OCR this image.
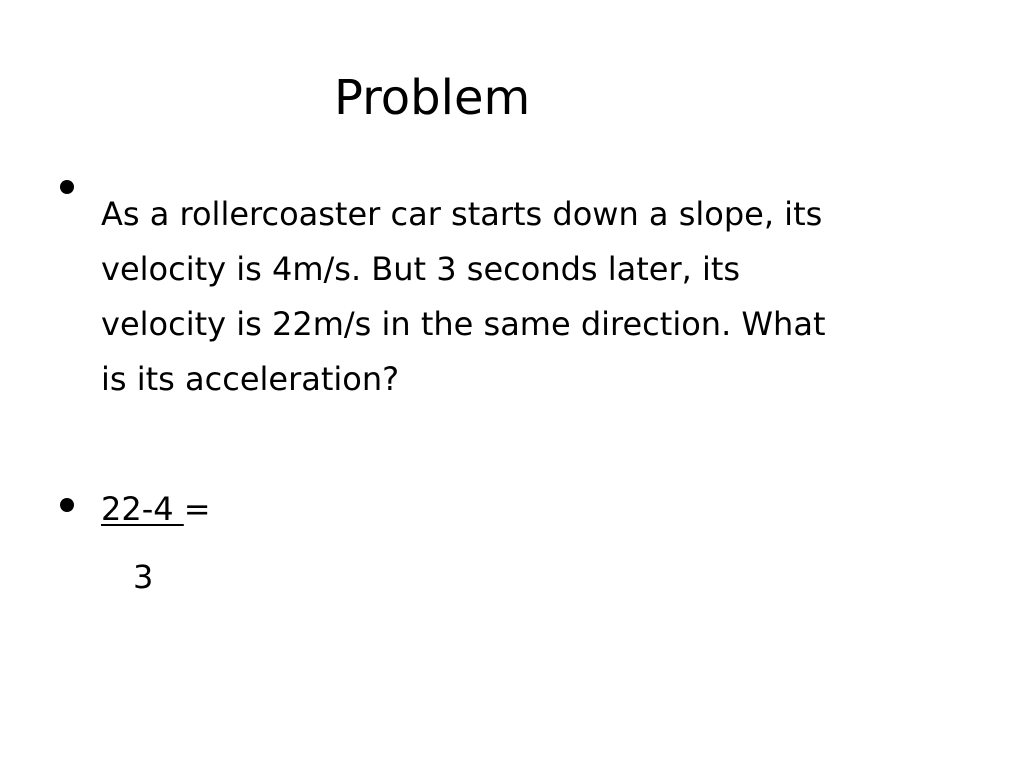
Problem
As a rollercoaster car starts down a slope, its
velocity is 4m/s. But 3 seconds later, its
velocity is 22m/s in the same direction. What
is its acceleration?
22-4 =
3
